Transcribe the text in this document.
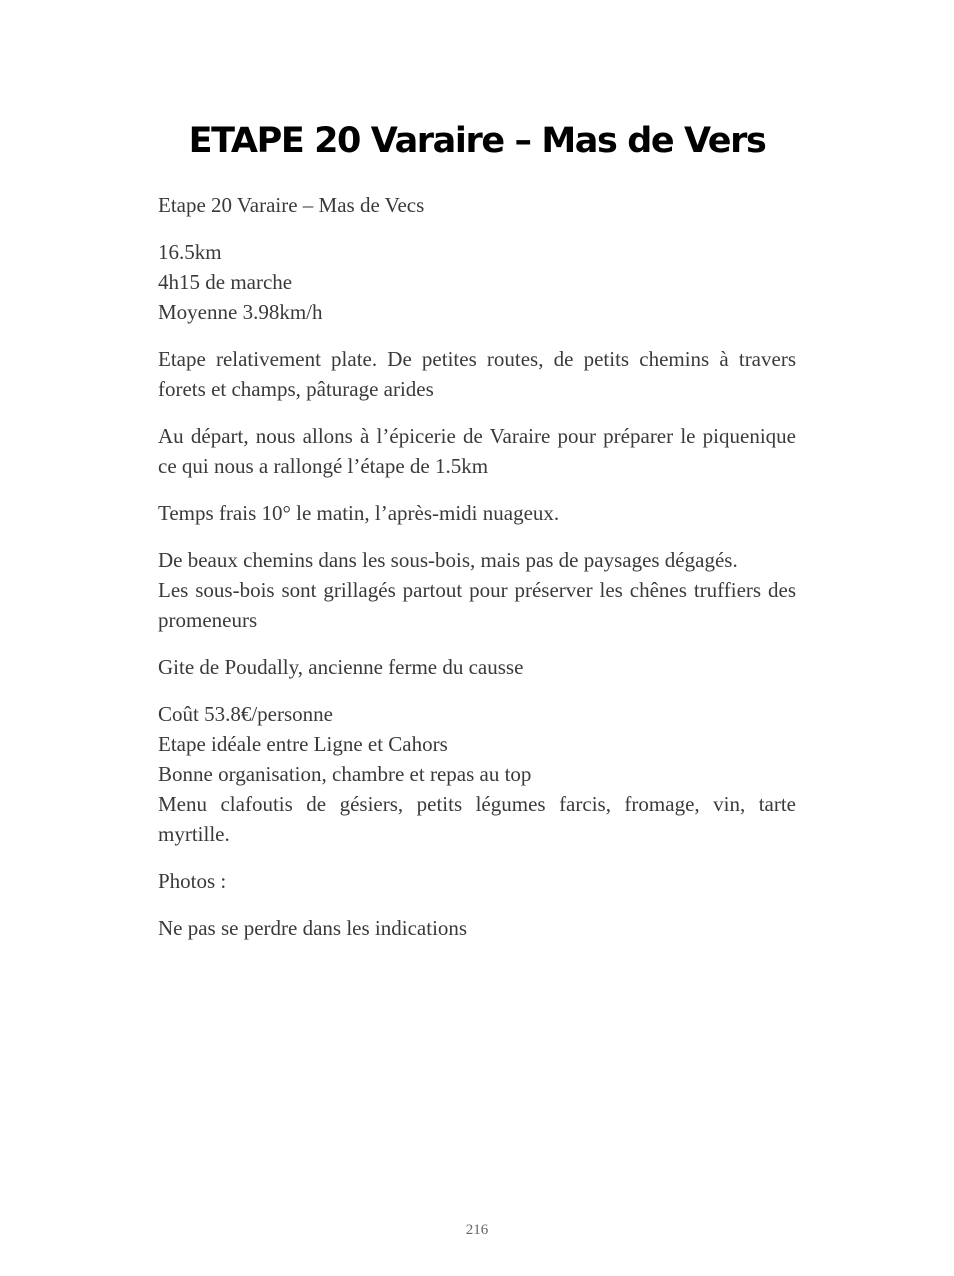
ETAPE 20 Varaire – Mas de Vers

Etape 20 Varaire – Mas de Vecs

16.5km
4h15 de marche
Moyenne 3.98km/h

Etape relativement plate. De petites routes, de petits chemins à travers forets et champs, pâturage arides

Au départ, nous allons à l’épicerie de Varaire pour préparer le piquenique ce qui nous a rallongé l’étape de 1.5km

Temps frais 10° le matin, l’après-midi nuageux.

De beaux chemins dans les sous-bois, mais pas de paysages dégagés.
Les sous-bois sont grillagés partout pour préserver les chênes truffiers des promeneurs

Gite de Poudally, ancienne ferme du causse

Coût 53.8€/personne
Etape idéale entre Ligne et Cahors
Bonne organisation, chambre et repas au top
Menu clafoutis de gésiers, petits légumes farcis, fromage, vin, tarte myrtille.

Photos :

Ne pas se perdre dans les indications

216
